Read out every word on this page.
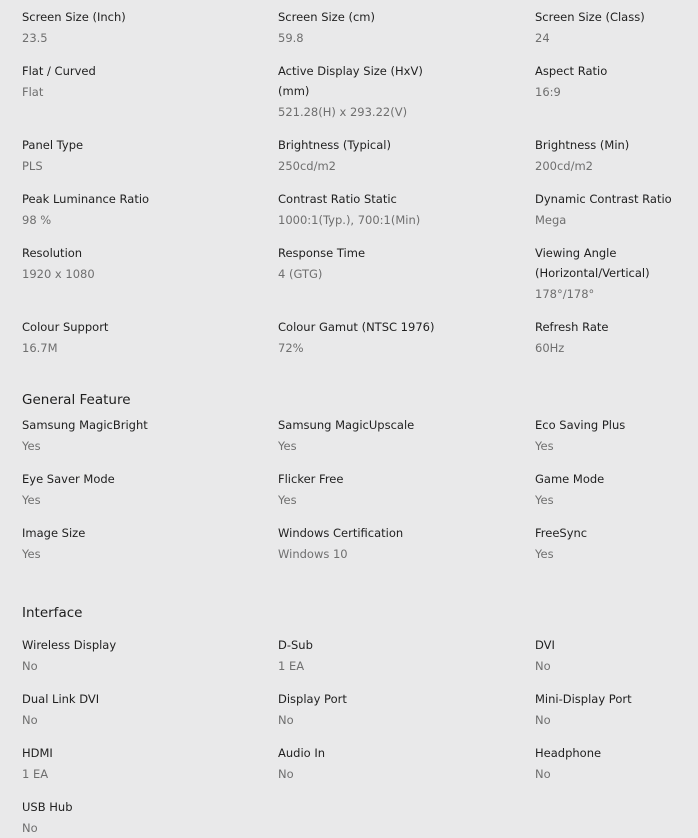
Screen Size (Inch)
23.5
Screen Size (cm)
59.8
Screen Size (Class)
24
Flat / Curved
Flat
Active Display Size (HxV) (mm)
521.28(H) x 293.22(V)
Aspect Ratio
16:9
Panel Type
PLS
Brightness (Typical)
250cd/m2
Brightness (Min)
200cd/m2
Peak Luminance Ratio
98 %
Contrast Ratio Static
1000:1(Typ.), 700:1(Min)
Dynamic Contrast Ratio
Mega
Resolution
1920 x 1080
Response Time
4 (GTG)
Viewing Angle (Horizontal/Vertical)
178°/178°
Colour Support
16.7M
Colour Gamut (NTSC 1976)
72%
Refresh Rate
60Hz
General Feature
Samsung MagicBright
Yes
Samsung MagicUpscale
Yes
Eco Saving Plus
Yes
Eye Saver Mode
Yes
Flicker Free
Yes
Game Mode
Yes
Image Size
Yes
Windows Certification
Windows 10
FreeSync
Yes
Interface
Wireless Display
No
D-Sub
1 EA
DVI
No
Dual Link DVI
No
Display Port
No
Mini-Display Port
No
HDMI
1 EA
Audio In
No
Headphone
No
USB Hub
No
